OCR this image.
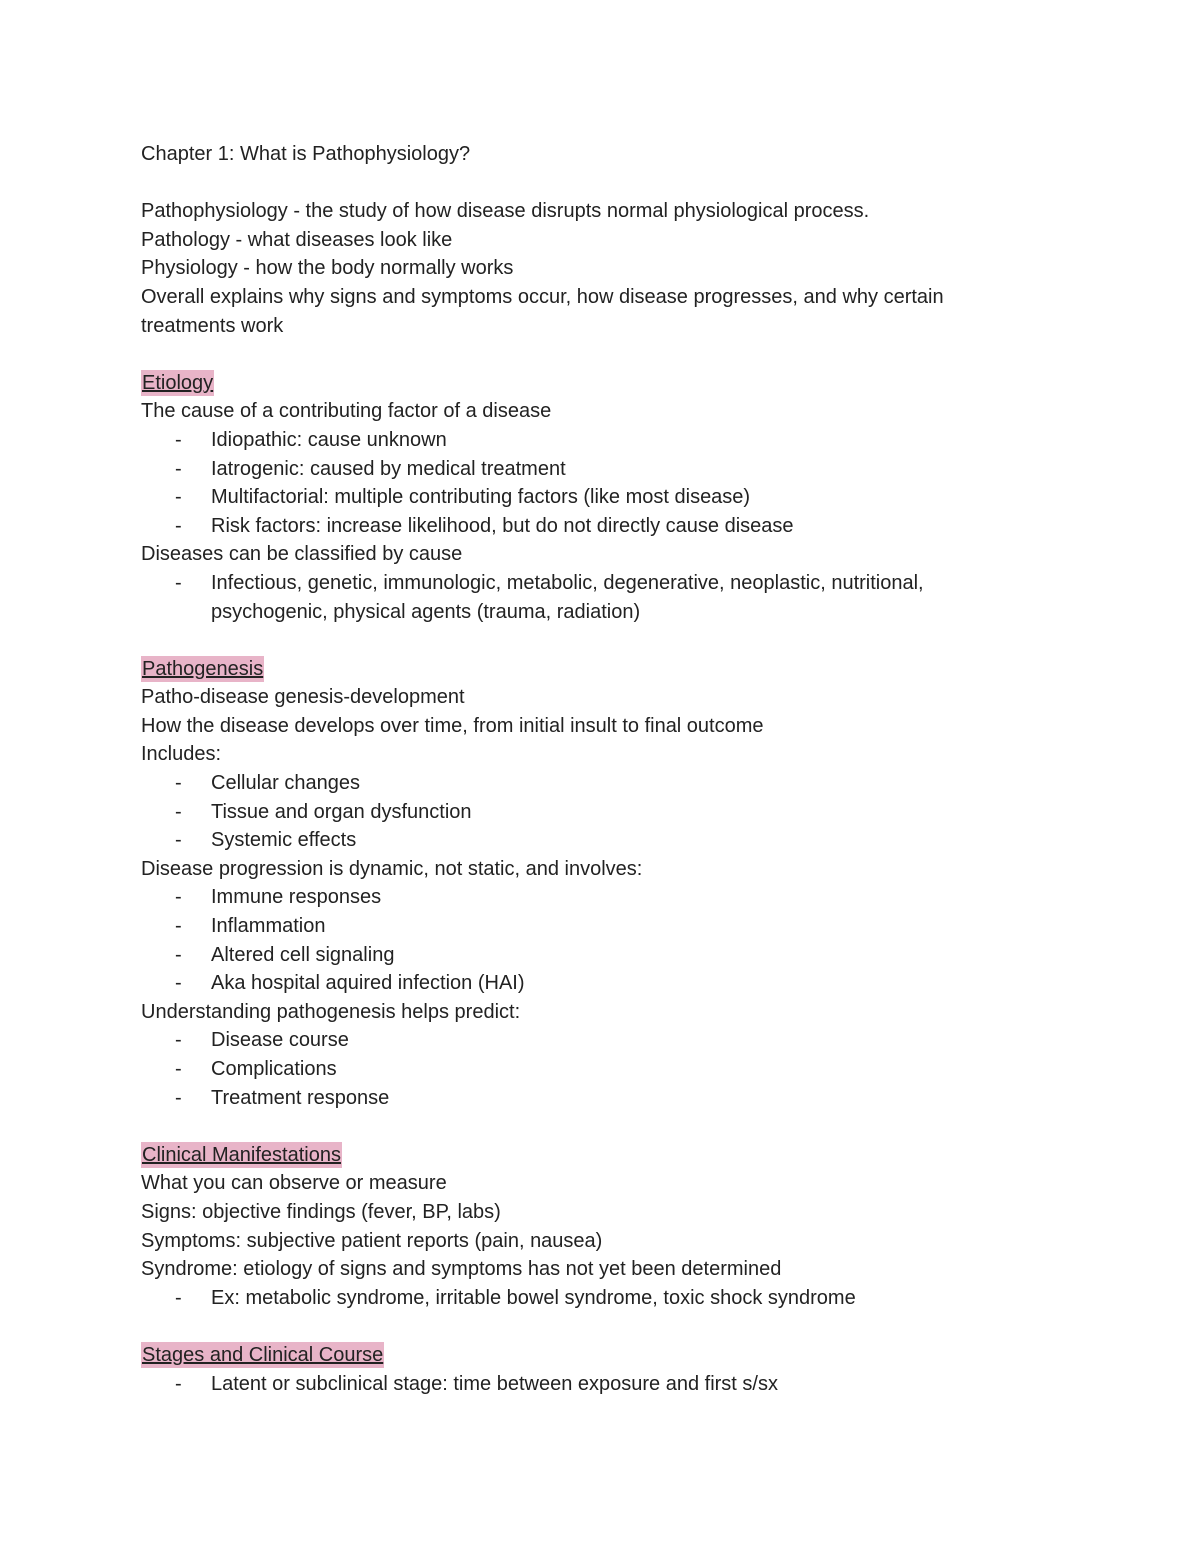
Chapter 1: What is Pathophysiology?
Pathophysiology - the study of how disease disrupts normal physiological process.
Pathology - what diseases look like
Physiology - how the body normally works
Overall explains why signs and symptoms occur, how disease progresses, and why certain treatments work
Etiology
The cause of a contributing factor of a disease
-	Idiopathic: cause unknown
-	Iatrogenic: caused by medical treatment
-	Multifactorial: multiple contributing factors (like most disease)
-	Risk factors: increase likelihood, but do not directly cause disease
Diseases can be classified by cause
-	Infectious, genetic, immunologic, metabolic, degenerative, neoplastic, nutritional, psychogenic, physical agents (trauma, radiation)
Pathogenesis
Patho-disease genesis-development
How the disease develops over time, from initial insult to final outcome
Includes:
-	Cellular changes
-	Tissue and organ dysfunction
-	Systemic effects
Disease progression is dynamic, not static, and involves:
-	Immune responses
-	Inflammation
-	Altered cell signaling
-	Aka hospital aquired infection (HAI)
Understanding pathogenesis helps predict:
-	Disease course
-	Complications
-	Treatment response
Clinical Manifestations
What you can observe or measure
Signs: objective findings (fever, BP, labs)
Symptoms: subjective patient reports (pain, nausea)
Syndrome: etiology of signs and symptoms has not yet been determined
-	Ex: metabolic syndrome, irritable bowel syndrome, toxic shock syndrome
Stages and Clinical Course
-	Latent or subclinical stage: time between exposure and first s/sx
